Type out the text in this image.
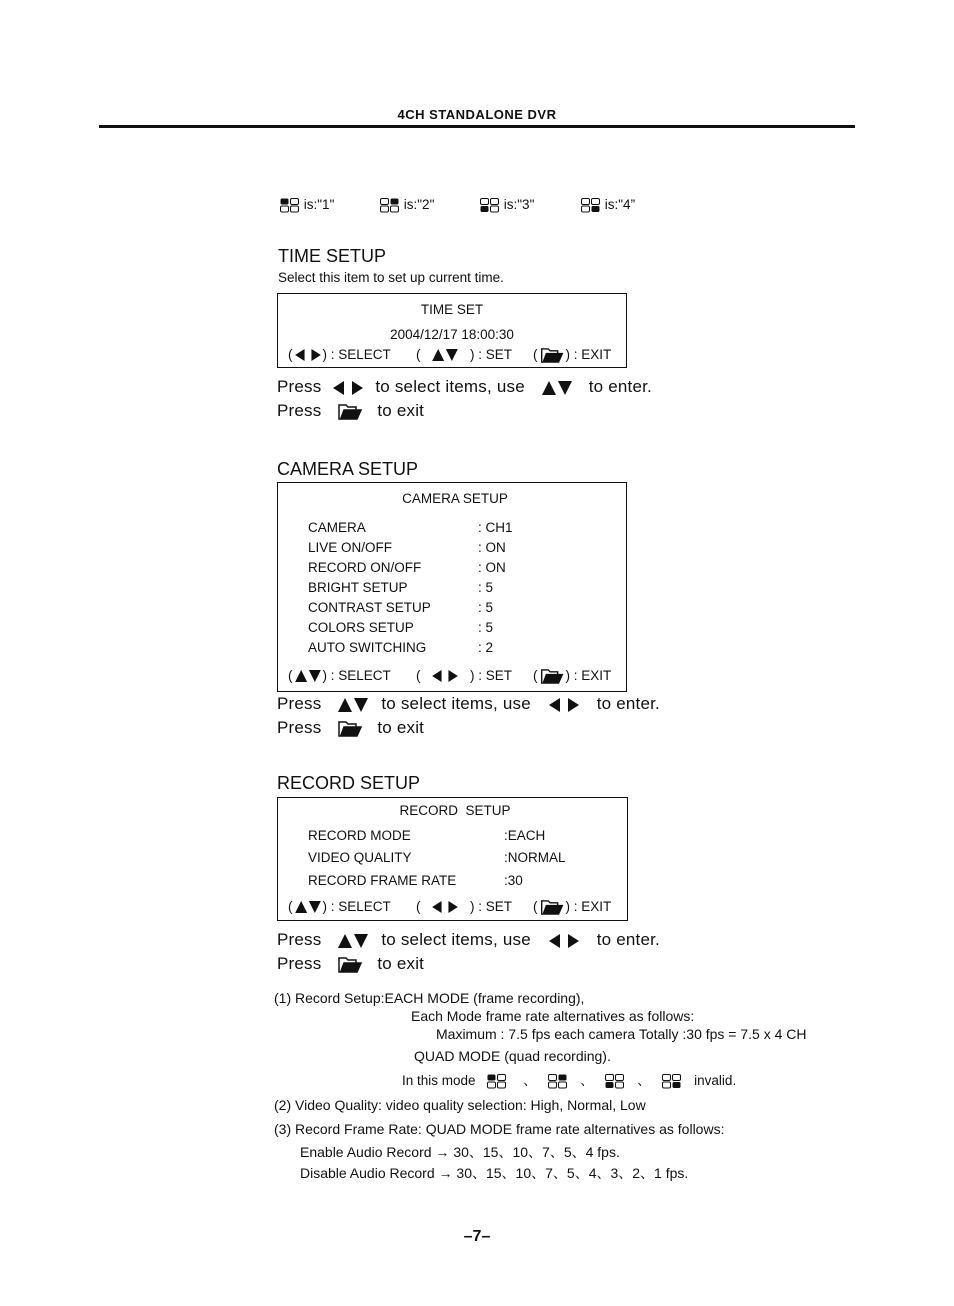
4CH STANDALONE DVR
is:"1"	is:"2"	is:"3"	is:"4”
TIME SETUP
Select this item to set up current time.
TIME SET
2004/12/17 18:00:30
( ) : SELECT (	) : SET ( ) : EXIT
Press	to select items, use	to enter.
Press	to exit
CAMERA SETUP
CAMERA SETUP
CAMERA	: CH1
LIVE ON/OFF	: ON
RECORD ON/OFF	: ON
BRIGHT SETUP	: 5
CONTRAST SETUP	: 5
COLORS SETUP	: 5
AUTO SWITCHING	: 2
( ) : SELECT (	) : SET ( ) : EXIT
Press	to select items, use	to enter.
Press	to exit
RECORD SETUP
RECORD  SETUP
RECORD MODE	:EACH
VIDEO QUALITY	:NORMAL
RECORD FRAME RATE	:30
( ) : SELECT (	) : SET ( ) : EXIT
Press	to select items, use	to enter.
Press	to exit
(1) Record Setup:EACH MODE (frame recording),
Each Mode frame rate alternatives as follows:
Maximum : 7.5 fps each camera Totally :30 fps = 7.5 x 4 CH
QUAD MODE (quad recording).
In this mode	、	、	、	invalid.
(2) Video Quality: video quality selection: High, Normal, Low
(3) Record Frame Rate: QUAD MODE frame rate alternatives as follows:
Enable Audio Record → 30、15、10、7、5、4 fps.
Disable Audio Record → 30、15、10、7、5、4、3、2、1 fps.
–7–
